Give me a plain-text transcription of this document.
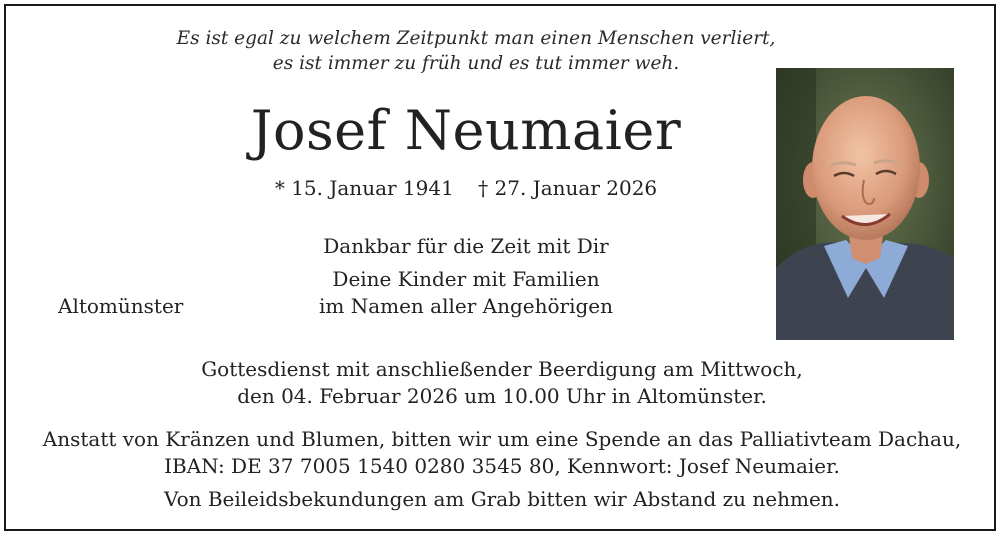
Es ist egal zu welchem Zeitpunkt man einen Menschen verliert,
es ist immer zu früh und es tut immer weh.
Josef Neumaier
* 15. Januar 1941 † 27. Januar 2026
Dankbar für die Zeit mit Dir
Deine Kinder mit Familien
im Namen aller Angehörigen
Altomünster
Gottesdienst mit anschließender Beerdigung am Mittwoch,
den 04. Februar 2026 um 10.00 Uhr in Altomünster.
Anstatt von Kränzen und Blumen, bitten wir um eine Spende an das Palliativteam Dachau,
IBAN: DE 37 7005 1540 0280 3545 80, Kennwort: Josef Neumaier.
Von Beileidsbekundungen am Grab bitten wir Abstand zu nehmen.
